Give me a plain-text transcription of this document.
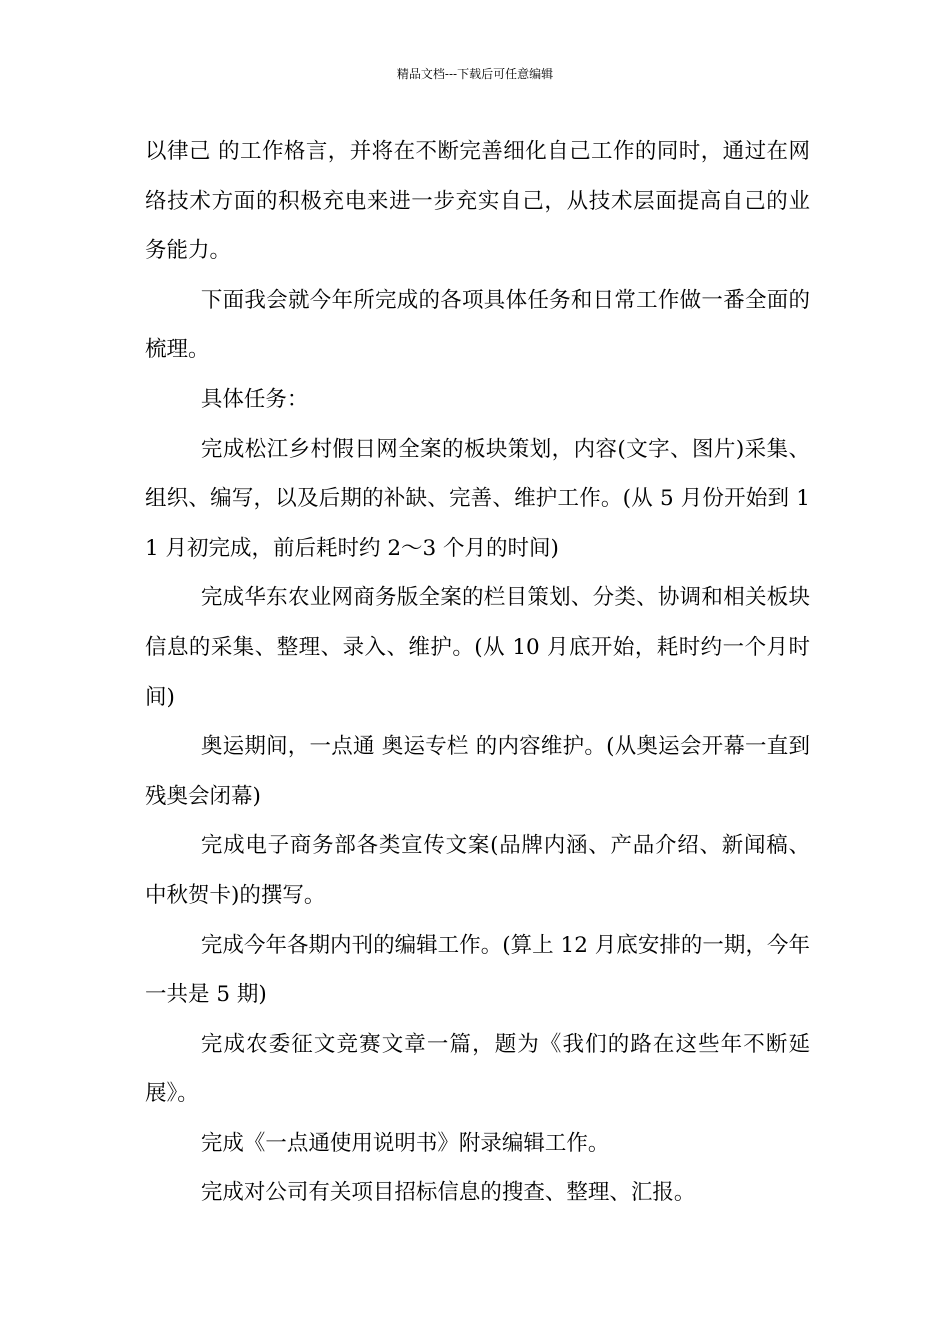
精品文档---下载后可任意编辑

以律己 的工作格言，并将在不断完善细化自己工作的同时，通过在网络技术方面的积极充电来进一步充实自己，从技术层面提高自己的业务能力。

下面我会就今年所完成的各项具体任务和日常工作做一番全面的梳理。

具体任务：

完成松江乡村假日网全案的板块策划，内容(文字、图片)采集、组织、编写，以及后期的补缺、完善、维护工作。(从 5 月份开始到 11 月初完成，前后耗时约 2～3 个月的时间)

完成华东农业网商务版全案的栏目策划、分类、协调和相关板块信息的采集、整理、录入、维护。(从 10 月底开始，耗时约一个月时间)

奥运期间，一点通 奥运专栏 的内容维护。(从奥运会开幕一直到残奥会闭幕)

完成电子商务部各类宣传文案(品牌内涵、产品介绍、新闻稿、中秋贺卡)的撰写。

完成今年各期内刊的编辑工作。(算上 12 月底安排的一期，今年一共是 5 期)

完成农委征文竞赛文章一篇，题为《我们的路在这些年不断延展》。

完成《一点通使用说明书》附录编辑工作。

完成对公司有关项目招标信息的搜查、整理、汇报。
